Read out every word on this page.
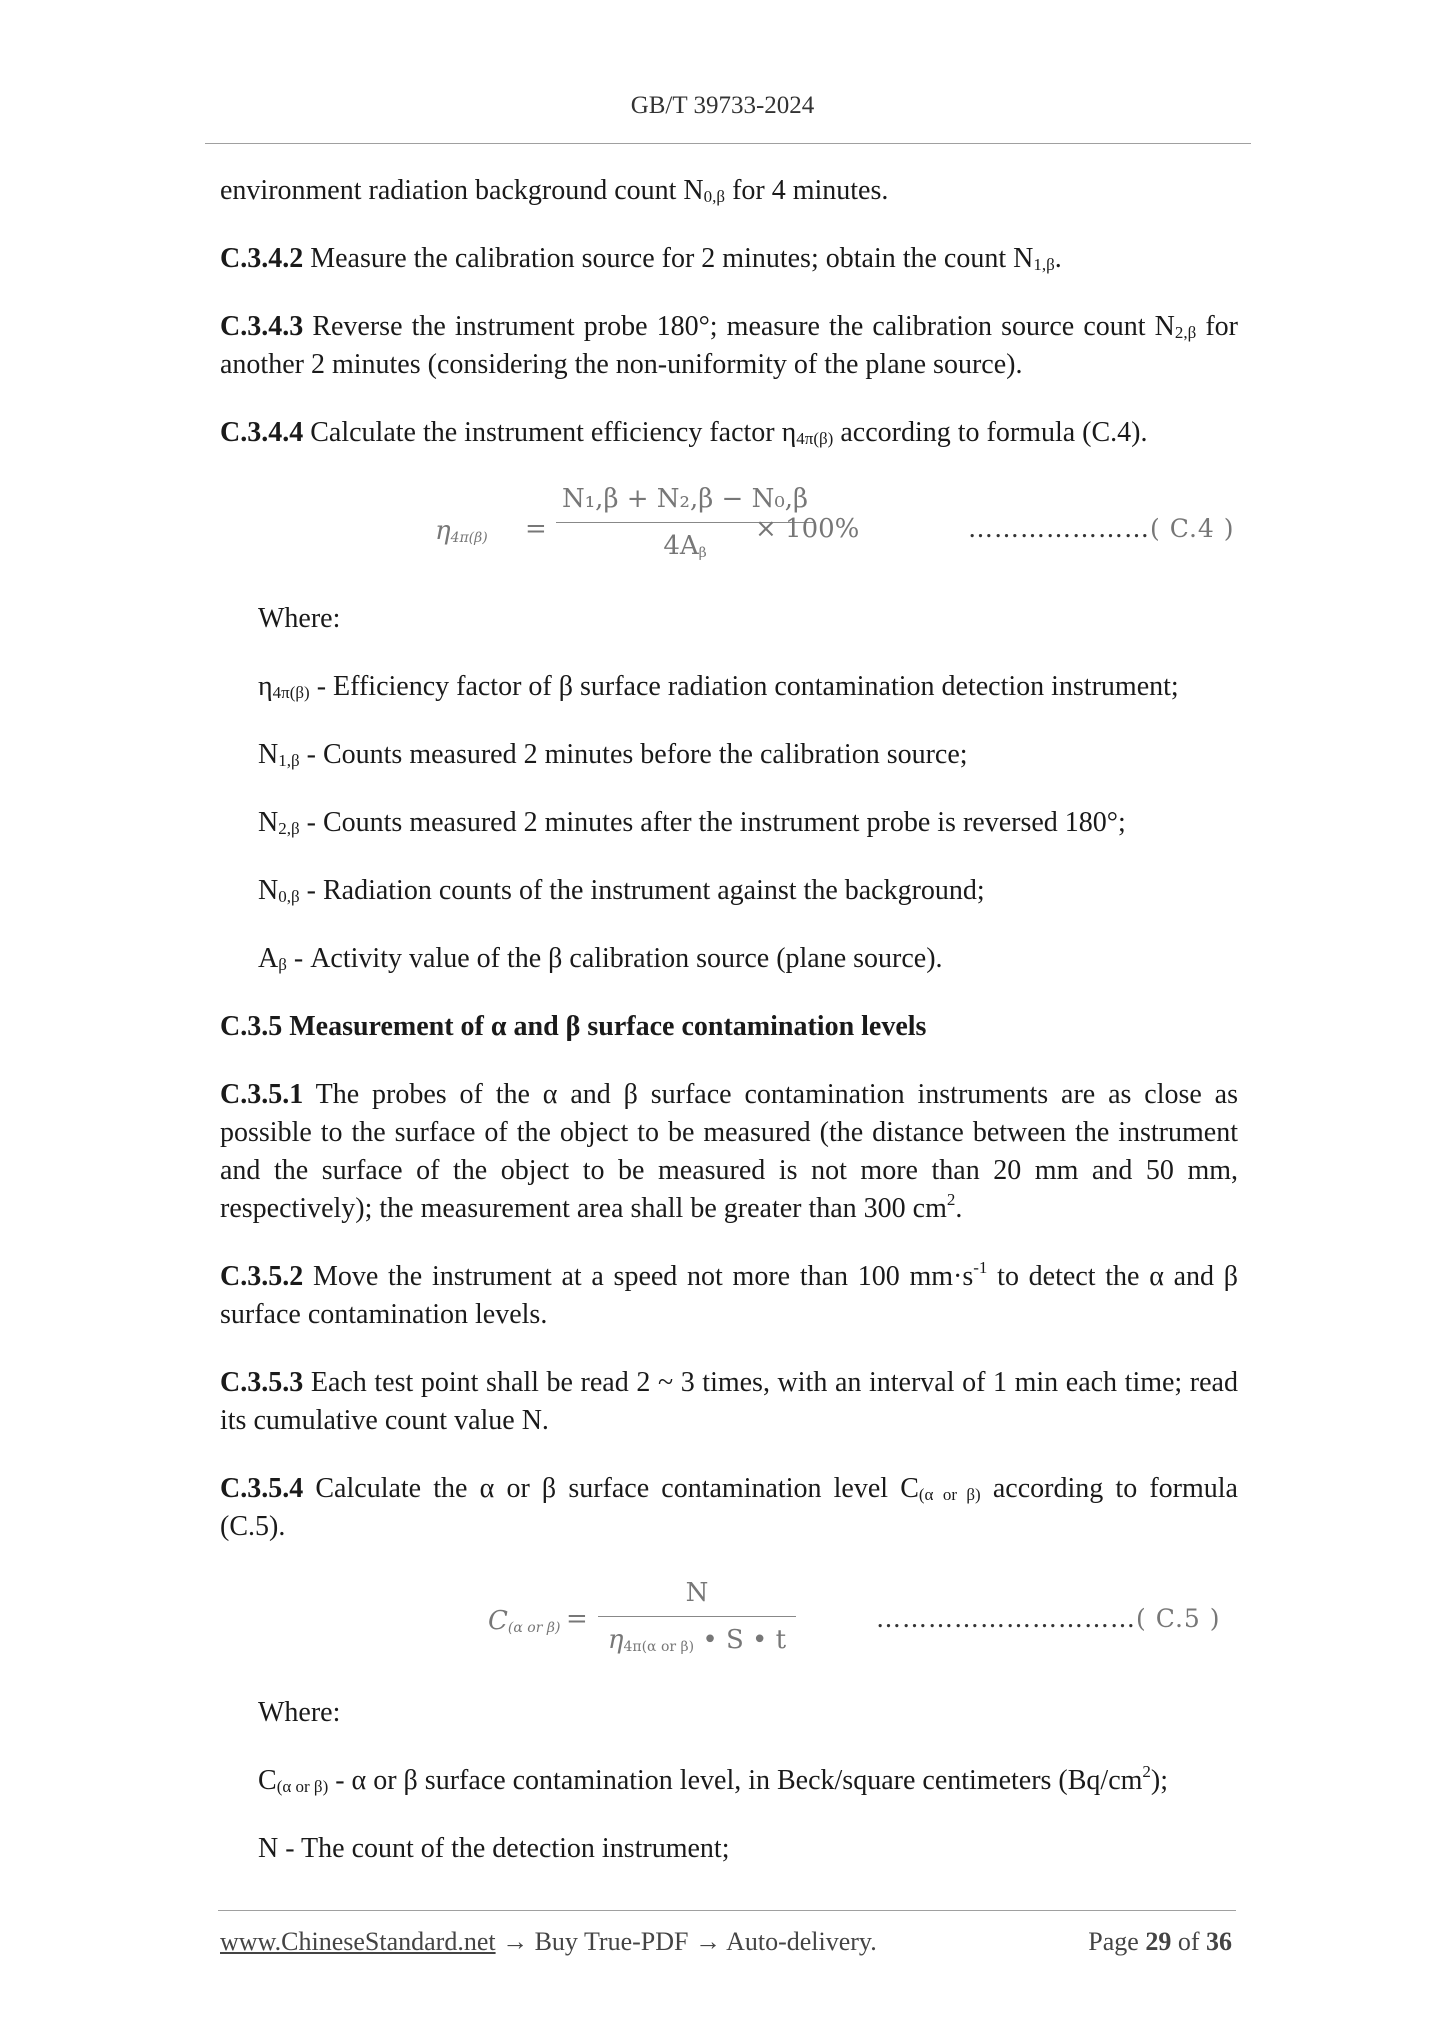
GB/T 39733-2024

environment radiation background count $N_{0,\beta}$ for 4 minutes.

C.3.4.2 Measure the calibration source for 2 minutes; obtain the count $N_{1,\beta}$.

C.3.4.3 Reverse the instrument probe 180°; measure the calibration source count $N_{2,\beta}$ for another 2 minutes (considering the non-uniformity of the plane source).

C.3.4.4 Calculate the instrument efficiency factor $\eta_{4\pi(\beta)}$ according to formula (C.4).

$\eta_{4\pi(\beta)} = \frac{\text{N₁,β + N₂,β − N₀,β}}{4A_\beta}$
× 100%	…………………( C.4 )

Where:

$\eta_{4\pi(\beta)}$ - Efficiency factor of β surface radiation contamination detection instrument;

$N_{1,\beta}$ - Counts measured 2 minutes before the calibration source;

$N_{2,\beta}$ - Counts measured 2 minutes after the instrument probe is reversed 180°;

$N_{0,\beta}$ - Radiation counts of the instrument against the background;

$A_\beta$ - Activity value of the β calibration source (plane source).

C.3.5 Measurement of α and β surface contamination levels

C.3.5.1 The probes of the α and β surface contamination instruments are as close as possible to the surface of the object to be measured (the distance between the instrument and the surface of the object to be measured is not more than 20 mm and 50 mm, respectively); the measurement area shall be greater than 300 $cm^2$.

C.3.5.2 Move the instrument at a speed not more than 100 $mm\cdot s^{-1}$ to detect the α and β surface contamination levels.

C.3.5.3 Each test point shall be read 2 ~ 3 times, with an interval of 1 min each time; read its cumulative count value N.

C.3.5.4 Calculate the α or β surface contamination level $C_{(\alpha or \beta)}$ according to formula (C.5).

$C_{(\alpha or \beta)} = \frac{N}{\eta_{4\pi(\alpha or \beta)} • S • t}$	…………………………( C.5 )

Where:

$C_{(\alpha or \beta)}$ - α or β surface contamination level, in Beck/square centimeters $(Bq/cm^2)$;

N - The count of the detection instrument;

www.ChineseStandard.net → Buy True-PDF → Auto-delivery.	Page 29 of 36
